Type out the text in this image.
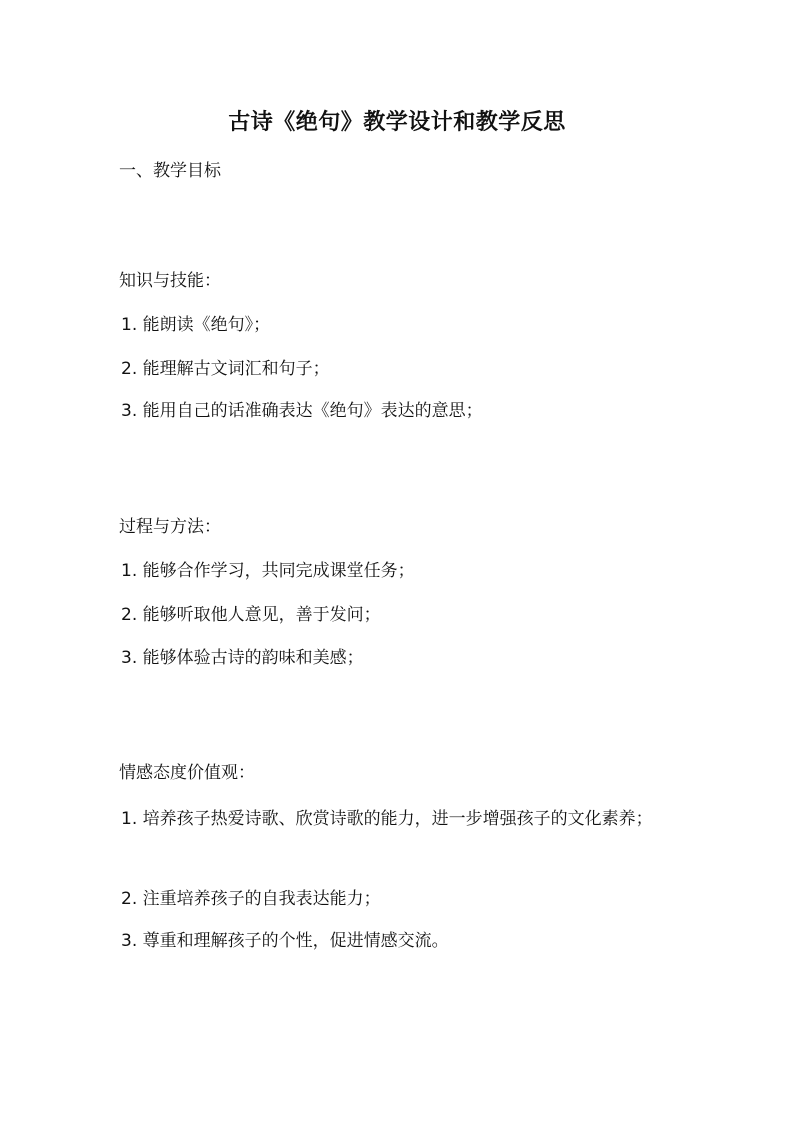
古诗《绝句》教学设计和教学反思
一、教学目标
知识与技能：
1. 能朗读《绝句》；
2. 能理解古文词汇和句子；
3. 能用自己的话准确表达《绝句》表达的意思；
过程与方法：
1. 能够合作学习，共同完成课堂任务；
2. 能够听取他人意见，善于发问；
3. 能够体验古诗的韵味和美感；
情感态度价值观：
1. 培养孩子热爱诗歌、欣赏诗歌的能力，进一步增强孩子的文化素养；
2. 注重培养孩子的自我表达能力；
3. 尊重和理解孩子的个性，促进情感交流。
